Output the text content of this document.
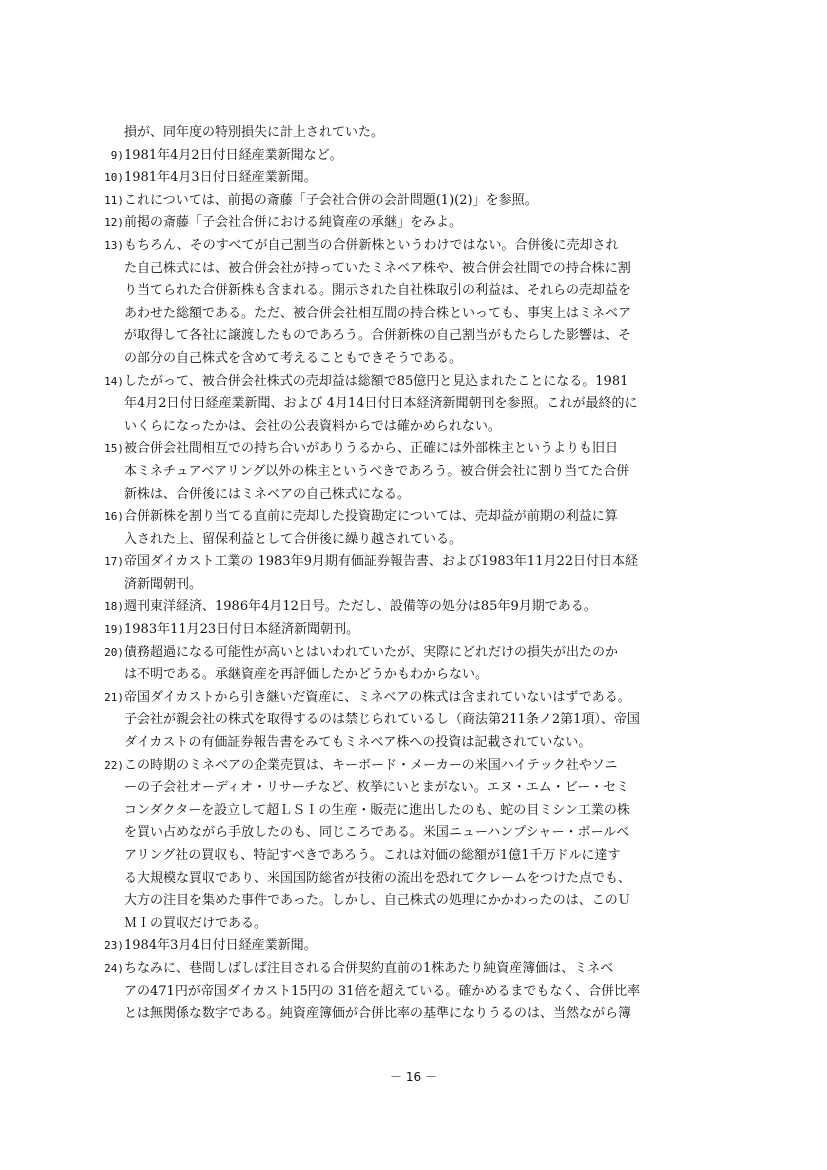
損が、同年度の特別損失に計上されていた。
9) 1981年4月2日付日経産業新聞など。
10) 1981年4月3日付日経産業新聞。
11) これについては、前掲の斎藤「子会社合併の会計問題(1)(2)」を参照。
12) 前掲の斎藤「子会社合併における純資産の承継」をみよ。
13) もちろん、そのすべてが自己割当の合併新株というわけではない。合併後に売却され
た自己株式には、被合併会社が持っていたミネベア株や、被合併会社間での持合株に割
り当てられた合併新株も含まれる。開示された自社株取引の利益は、それらの売却益を
あわせた総額である。ただ、被合併会社相互間の持合株といっても、事実上はミネベア
が取得して各社に譲渡したものであろう。合併新株の自己割当がもたらした影響は、そ
の部分の自己株式を含めて考えることもできそうである。
14) したがって、被合併会社株式の売却益は総額で85億円と見込まれたことになる。1981
年4月2日付日経産業新聞、および 4月14日付日本経済新聞朝刊を参照。これが最終的に
いくらになったかは、会社の公表資料からでは確かめられない。
15) 被合併会社間相互での持ち合いがありうるから、正確には外部株主というよりも旧日
本ミネチュアベアリング以外の株主というべきであろう。被合併会社に割り当てた合併
新株は、合併後にはミネベアの自己株式になる。
16) 合併新株を割り当てる直前に売却した投資勘定については、売却益が前期の利益に算
入された上、留保利益として合併後に繰り越されている。
17) 帝国ダイカスト工業の 1983年9月期有価証券報告書、および1983年11月22日付日本経
済新聞朝刊。
18) 週刊東洋経済、1986年4月12日号。ただし、設備等の処分は85年9月期である。
19) 1983年11月23日付日本経済新聞朝刊。
20) 債務超過になる可能性が高いとはいわれていたが、実際にどれだけの損失が出たのか
は不明である。承継資産を再評価したかどうかもわからない。
21) 帝国ダイカストから引き継いだ資産に、ミネベアの株式は含まれていないはずである。
子会社が親会社の株式を取得するのは禁じられているし（商法第211条ノ2第1項）、帝国
ダイカストの有価証券報告書をみてもミネベア株への投資は記載されていない。
22) この時期のミネベアの企業売買は、キーボード・メーカーの米国ハイテック社やソニ
ーの子会社オーディオ・リサーチなど、枚挙にいとまがない。エヌ・エム・ビー・セミ
コンダクターを設立して超ＬＳＩの生産・販売に進出したのも、蛇の目ミシン工業の株
を買い占めながら手放したのも、同じころである。米国ニューハンプシャー・ボールベ
アリング社の買収も、特記すべきであろう。これは対価の総額が1億1千万ドルに達す
る大規模な買収であり、米国国防総省が技術の流出を恐れてクレームをつけた点でも、
大方の注目を集めた事件であった。しかし、自己株式の処理にかかわったのは、このＵ
ＭＩの買収だけである。
23) 1984年3月4日付日経産業新聞。
24) ちなみに、巷間しばしば注目される合併契約直前の1株あたり純資産簿価は、ミネベ
アの471円が帝国ダイカスト15円の 31倍を超えている。確かめるまでもなく、合併比率
とは無関係な数字である。純資産簿価が合併比率の基準になりうるのは、当然ながら簿
－ 16 －
